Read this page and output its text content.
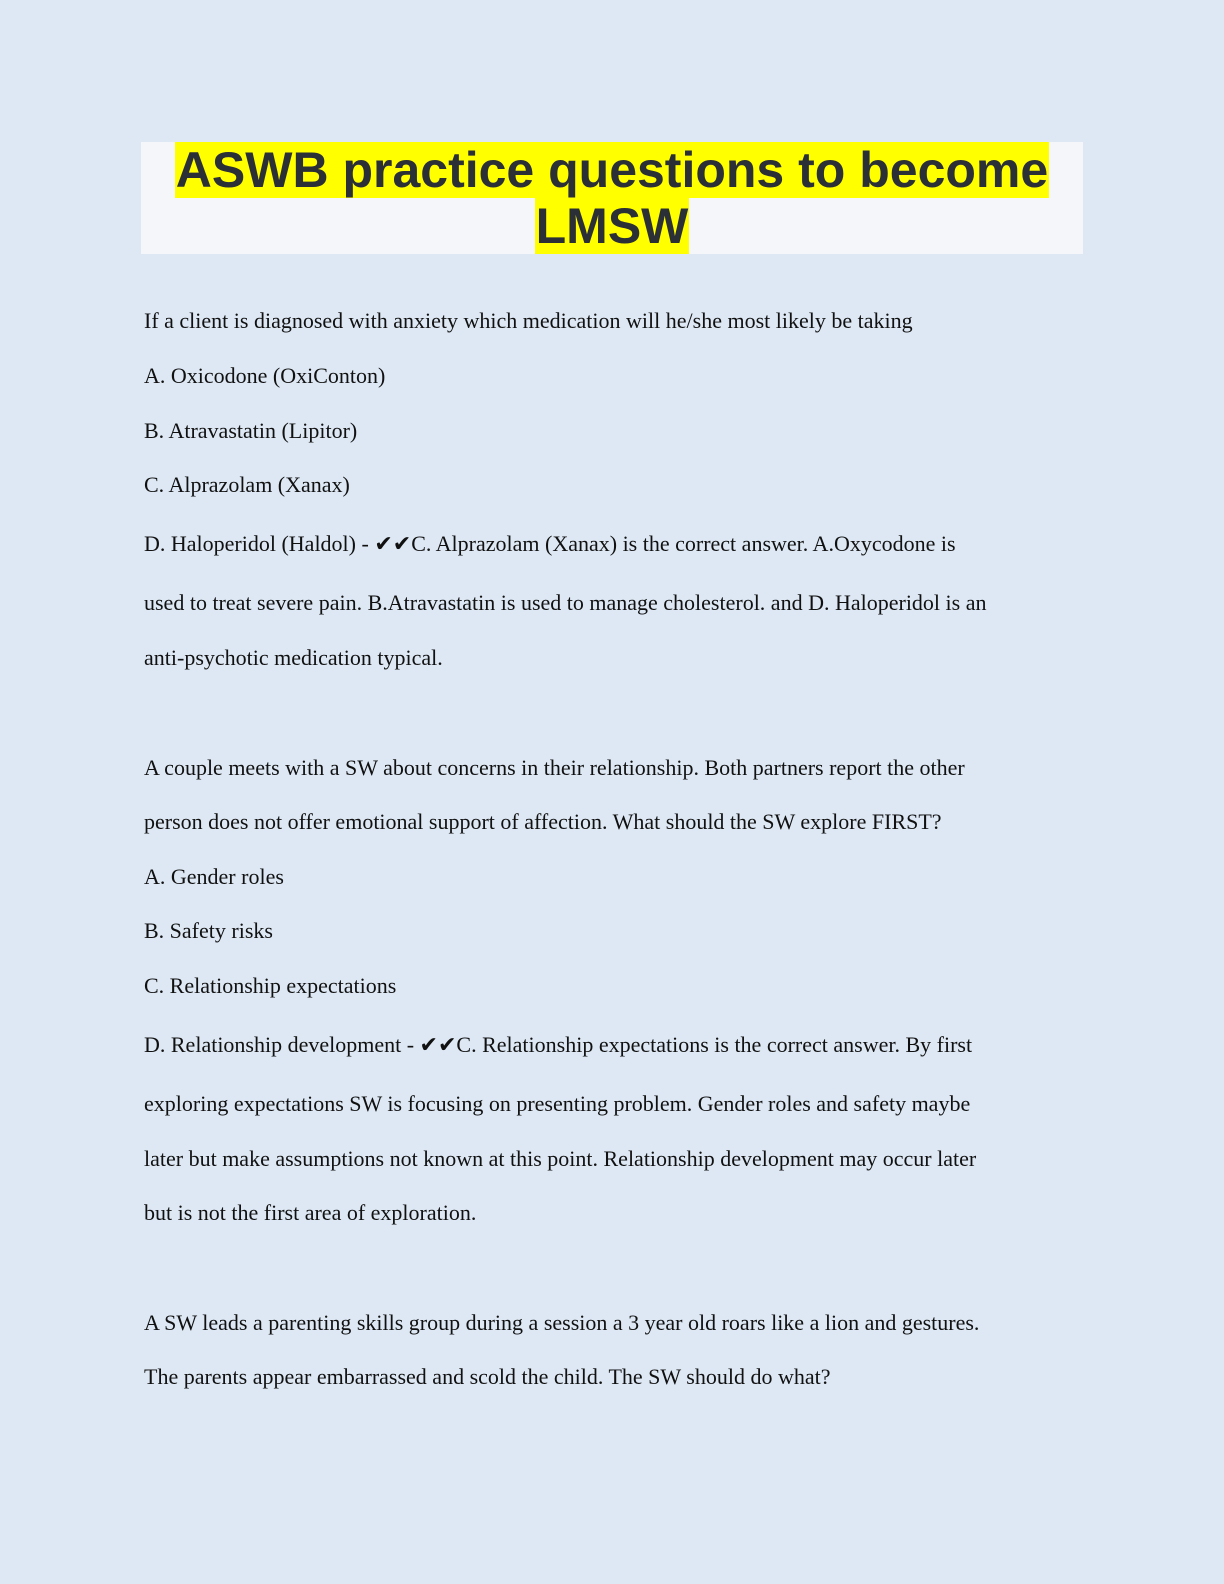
ASWB practice questions to become
LMSW
If a client is diagnosed with anxiety which medication will he/she most likely be taking
A. Oxicodone (OxiConton)
B. Atravastatin (Lipitor)
C. Alprazolam (Xanax)
D. Haloperidol (Haldol) - ✔✔C. Alprazolam (Xanax) is the correct answer. A.Oxycodone is
used to treat severe pain. B.Atravastatin is used to manage cholesterol. and D. Haloperidol is an
anti-psychotic medication typical.
A couple meets with a SW about concerns in their relationship. Both partners report the other
person does not offer emotional support of affection. What should the SW explore FIRST?
A. Gender roles
B. Safety risks
C. Relationship expectations
D. Relationship development - ✔✔C. Relationship expectations is the correct answer. By first
exploring expectations SW is focusing on presenting problem. Gender roles and safety maybe
later but make assumptions not known at this point. Relationship development may occur later
but is not the first area of exploration.
A SW leads a parenting skills group during a session a 3 year old roars like a lion and gestures.
The parents appear embarrassed and scold the child. The SW should do what?
